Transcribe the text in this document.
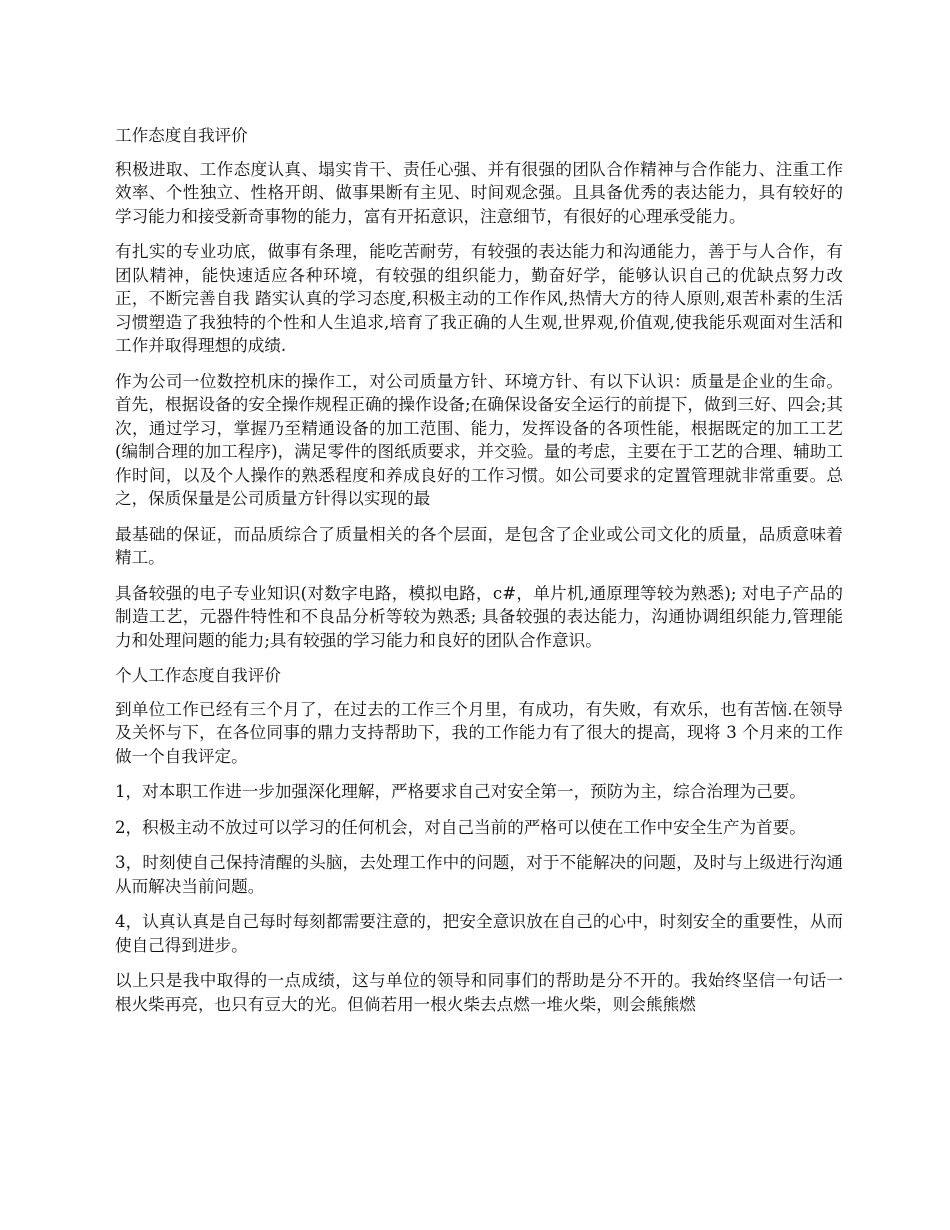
工作态度自我评价

积极进取、工作态度认真、塌实肯干、责任心强、并有很强的团队合作精神与合作能力、注重工作效率、个性独立、性格开朗、做事果断有主见、时间观念强。且具备优秀的表达能力，具有较好的学习能力和接受新奇事物的能力，富有开拓意识，注意细节，有很好的心理承受能力。

有扎实的专业功底，做事有条理，能吃苦耐劳，有较强的表达能力和沟通能力，善于与人合作，有团队精神，能快速适应各种环境，有较强的组织能力，勤奋好学，能够认识自己的优缺点努力改正，不断完善自我 踏实认真的学习态度,积极主动的工作作风,热情大方的待人原则,艰苦朴素的生活习惯塑造了我独特的个性和人生追求,培育了我正确的人生观,世界观,价值观,使我能乐观面对生活和工作并取得理想的成绩.

作为公司一位数控机床的操作工，对公司质量方针、环境方针、有以下认识：质量是企业的生命。首先，根据设备的安全操作规程正确的操作设备;在确保设备安全运行的前提下，做到三好、四会;其次，通过学习，掌握乃至精通设备的加工范围、能力，发挥设备的各项性能，根据既定的加工工艺(编制合理的加工程序)，满足零件的图纸质要求，并交验。量的考虑，主要在于工艺的合理、辅助工作时间，以及个人操作的熟悉程度和养成良好的工作习惯。如公司要求的定置管理就非常重要。总之，保质保量是公司质量方针得以实现的最

最基础的保证，而品质综合了质量相关的各个层面，是包含了企业或公司文化的质量，品质意味着精工。

具备较强的电子专业知识(对数字电路，模拟电路，c#，单片机,通原理等较为熟悉); 对电子产品的制造工艺，元器件特性和不良品分析等较为熟悉; 具备较强的表达能力，沟通协调组织能力,管理能力和处理问题的能力;具有较强的学习能力和良好的团队合作意识。

个人工作态度自我评价

到单位工作已经有三个月了，在过去的工作三个月里，有成功，有失败，有欢乐，也有苦恼.在领导及关怀与下，在各位同事的鼎力支持帮助下，我的工作能力有了很大的提高，现将 3 个月来的工作做一个自我评定。

1，对本职工作进一步加强深化理解，严格要求自己对安全第一，预防为主，综合治理为己要。

2，积极主动不放过可以学习的任何机会，对自己当前的严格可以使在工作中安全生产为首要。

3，时刻使自己保持清醒的头脑，去处理工作中的问题，对于不能解决的问题，及时与上级进行沟通从而解决当前问题。

4，认真认真是自己每时每刻都需要注意的，把安全意识放在自己的心中，时刻安全的重要性，从而使自己得到进步。

以上只是我中取得的一点成绩，这与单位的领导和同事们的帮助是分不开的。我始终坚信一句话一根火柴再亮，也只有豆大的光。但倘若用一根火柴去点燃一堆火柴，则会熊熊燃
